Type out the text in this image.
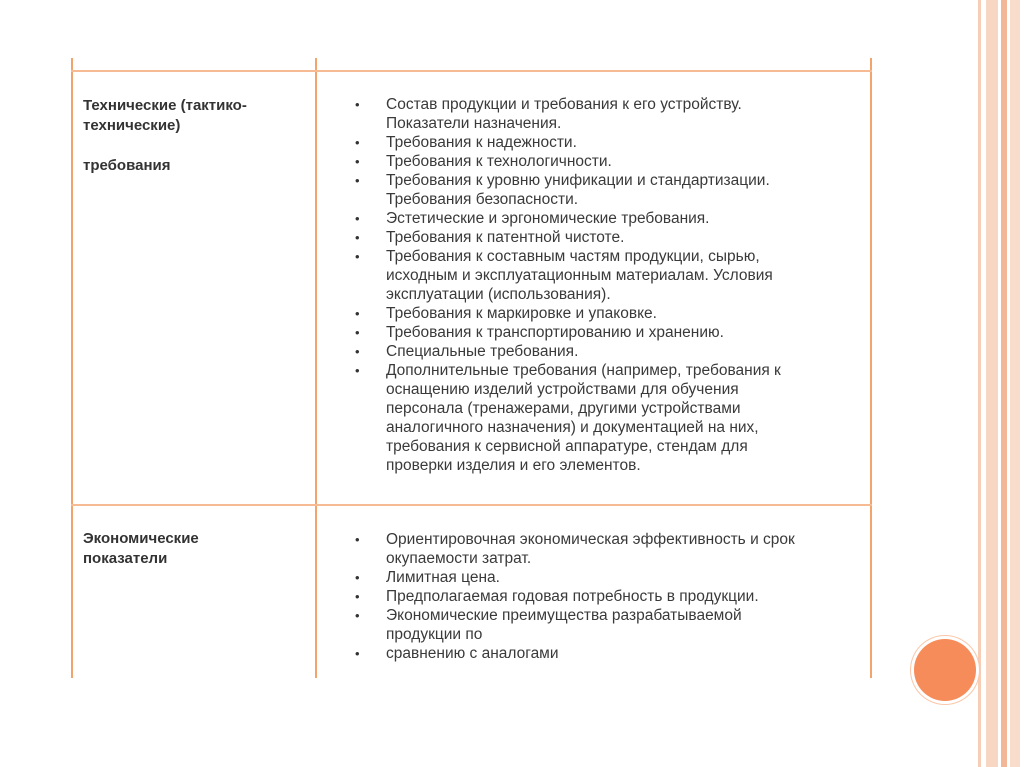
Технические (тактико-
технические)
требования
• Состав продукции и требования к его устройству.
Показатели назначения.
• Требования к надежности.
• Требования к технологичности.
• Требования к уровню унификации и стандартизации.
Требования безопасности.
• Эстетические и эргономические требования.
• Требования к патентной чистоте.
• Требования к составным частям продукции, сырью,
исходным и эксплуатационным материалам. Условия
эксплуатации (использования).
• Требования к маркировке и упаковке.
• Требования к транспортированию и хранению.
• Специальные требования.
• Дополнительные требования (например, требования к
оснащению изделий устройствами для обучения
персонала (тренажерами, другими устройствами
аналогичного назначения) и документацией на них,
требования к сервисной аппаратуре, стендам для
проверки изделия и его элементов.
Экономические
показатели
• Ориентировочная экономическая эффективность и срок
окупаемости затрат.
• Лимитная цена.
• Предполагаемая годовая потребность в продукции.
• Экономические преимущества разрабатываемой
продукции по
• сравнению с аналогами
